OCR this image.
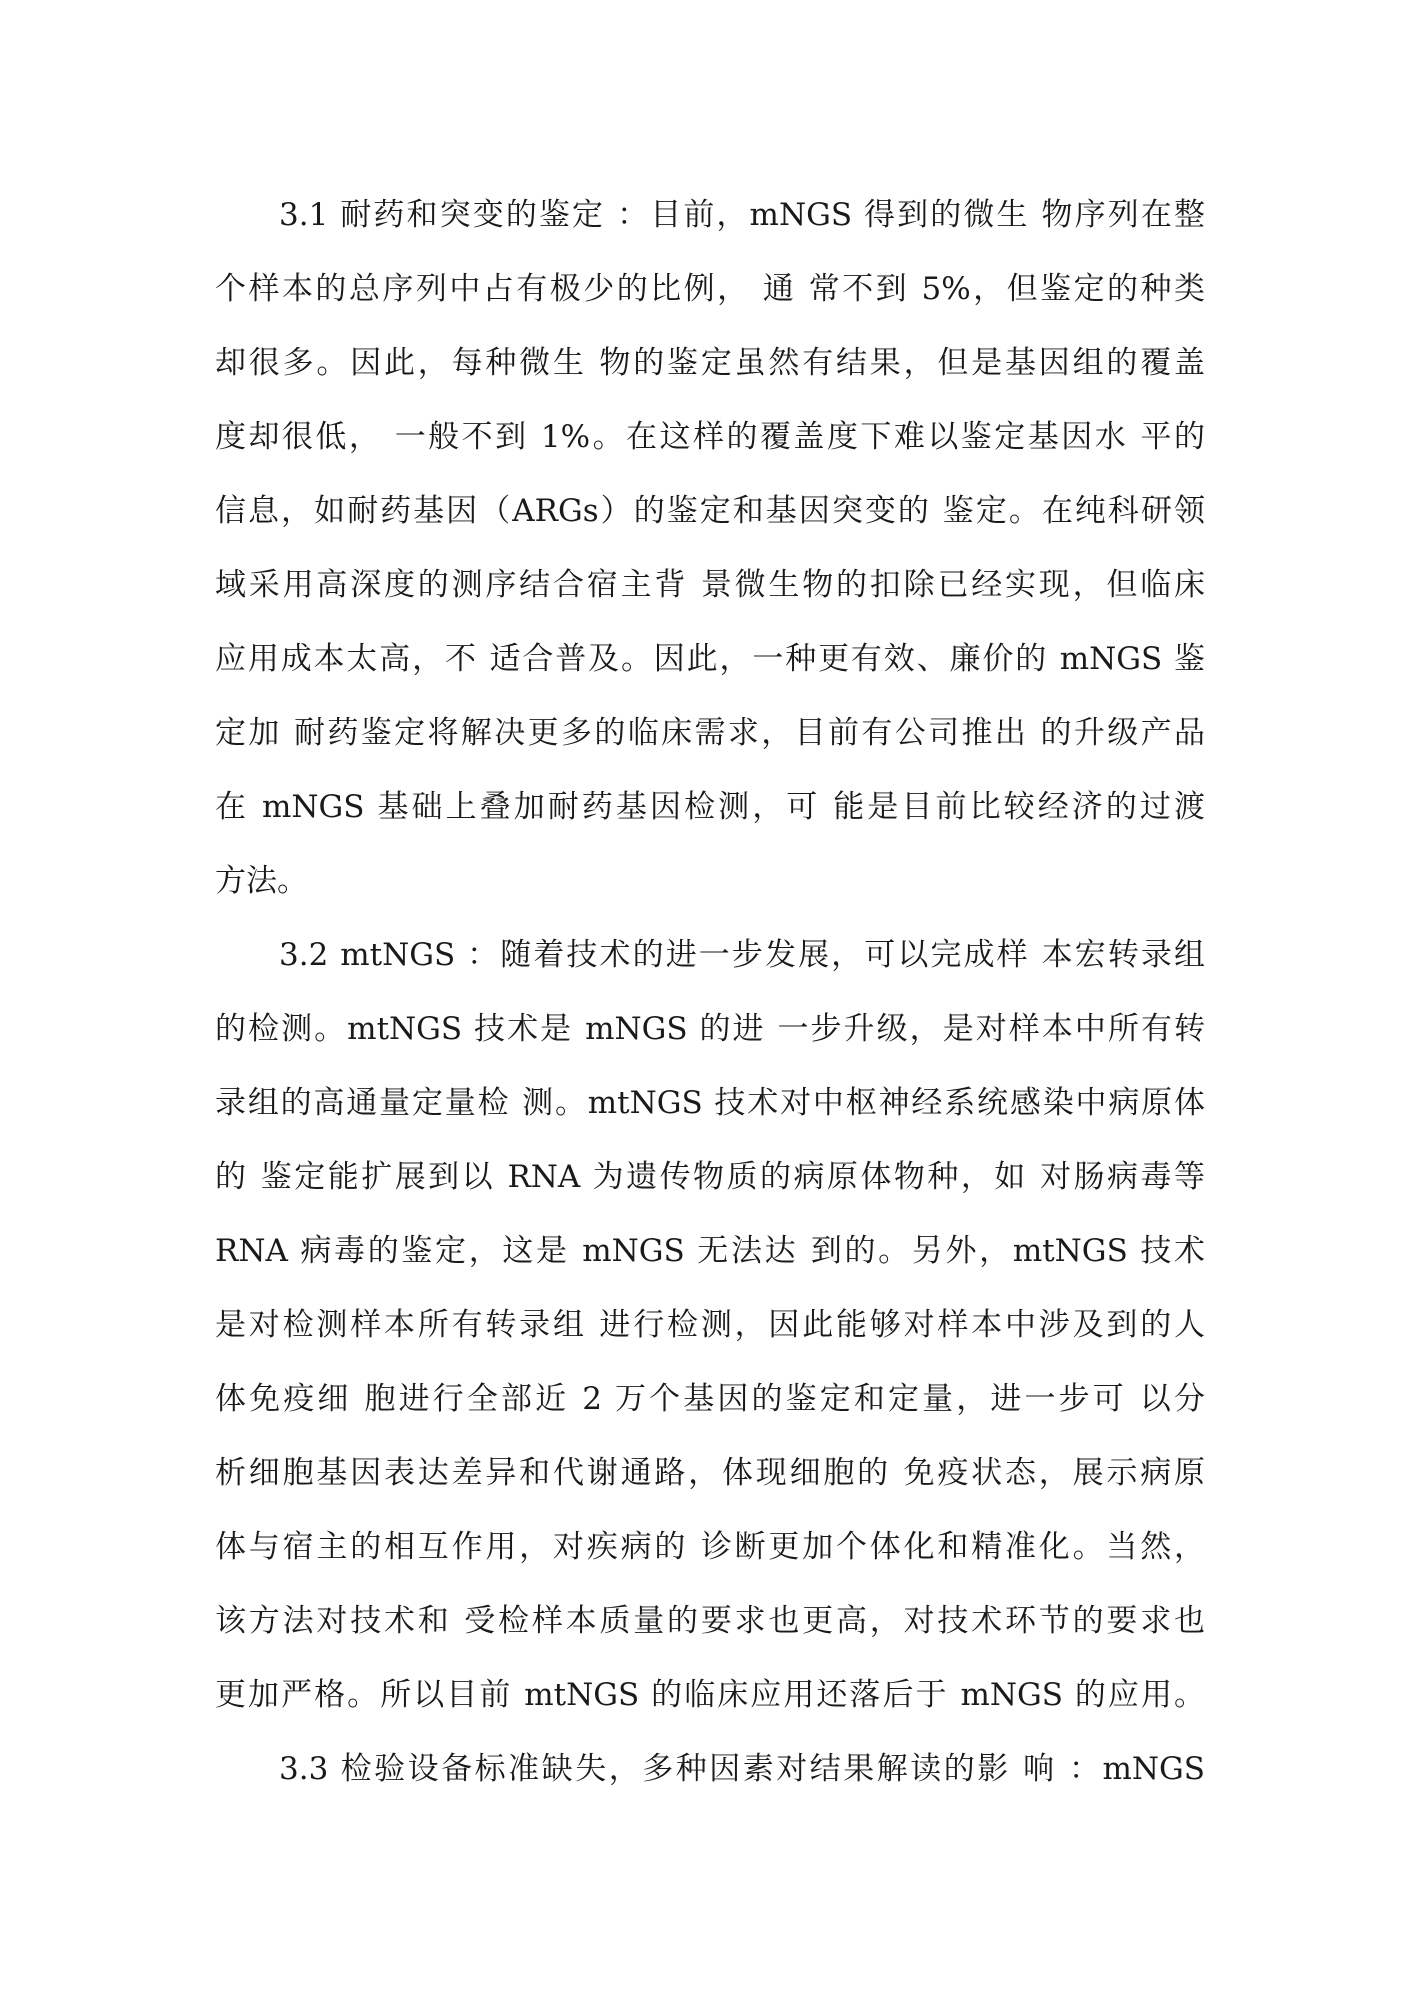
3.1 耐药和突变的鉴定 ：目前，mNGS 得到的微生 物序列在整
个样本的总序列中占有极少的比例， 通 常不到 5%，但鉴定的种类
却很多。因此，每种微生 物的鉴定虽然有结果，但是基因组的覆盖
度却很低， 一般不到 1%。在这样的覆盖度下难以鉴定基因水 平的
信息，如耐药基因（ARGs）的鉴定和基因突变的 鉴定。在纯科研领
域采用高深度的测序结合宿主背 景微生物的扣除已经实现，但临床
应用成本太高，不 适合普及。因此，一种更有效、廉价的 mNGS 鉴
定加 耐药鉴定将解决更多的临床需求，目前有公司推出 的升级产品
在 mNGS 基础上叠加耐药基因检测，可 能是目前比较经济的过渡
方法。
3.2 mtNGS ：随着技术的进一步发展，可以完成样 本宏转录组
的检测。mtNGS 技术是 mNGS 的进 一步升级，是对样本中所有转
录组的高通量定量检 测。mtNGS 技术对中枢神经系统感染中病原体
的 鉴定能扩展到以 RNA 为遗传物质的病原体物种，如 对肠病毒等
RNA 病毒的鉴定，这是 mNGS 无法达 到的。另外，mtNGS 技术
是对检测样本所有转录组 进行检测，因此能够对样本中涉及到的人
体免疫细 胞进行全部近 2 万个基因的鉴定和定量，进一步可 以分
析细胞基因表达差异和代谢通路，体现细胞的 免疫状态，展示病原
体与宿主的相互作用，对疾病的 诊断更加个体化和精准化。当然，
该方法对技术和 受检样本质量的要求也更高，对技术环节的要求也
更加严格。所以目前 mtNGS 的临床应用还落后于 mNGS 的应用。
3.3 检验设备标准缺失，多种因素对结果解读的影 响 ：mNGS
